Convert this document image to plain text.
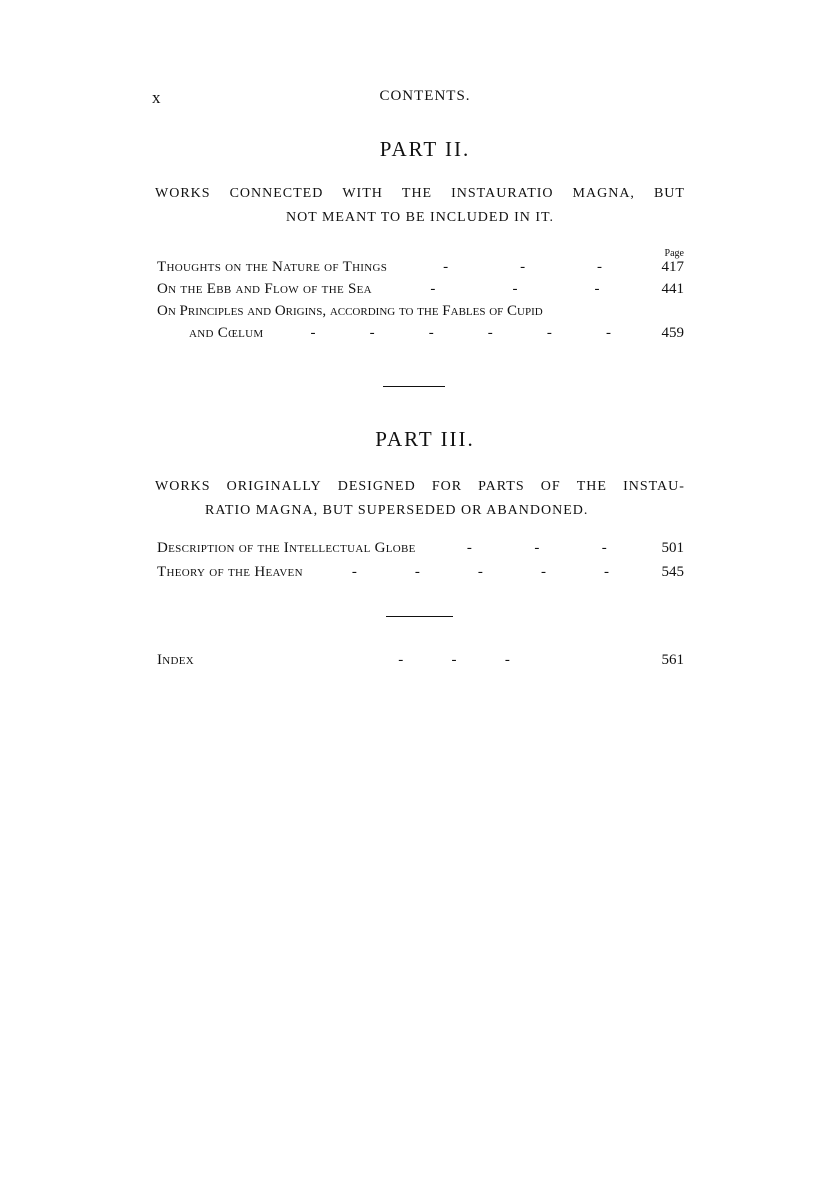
x	CONTENTS.
PART II.
WORKS CONNECTED WITH THE INSTAURATIO MAGNA, BUT
NOT MEANT TO BE INCLUDED IN IT.
Page
Thoughts on the Nature of Things	-	-	-	417
On the Ebb and Flow of the Sea	-	-	-	441
On Principles and Origins, according to the Fables of Cupid
and Cœlum	-	-	-	-	-	-	459
PART III.
WORKS ORIGINALLY DESIGNED FOR PARTS OF THE INSTAU-
RATIO MAGNA, BUT SUPERSEDED OR ABANDONED.
Description of the Intellectual Globe	-	-	-	501
Theory of the Heaven	-	-	-	-	-	545
Index	-	-	-	561
